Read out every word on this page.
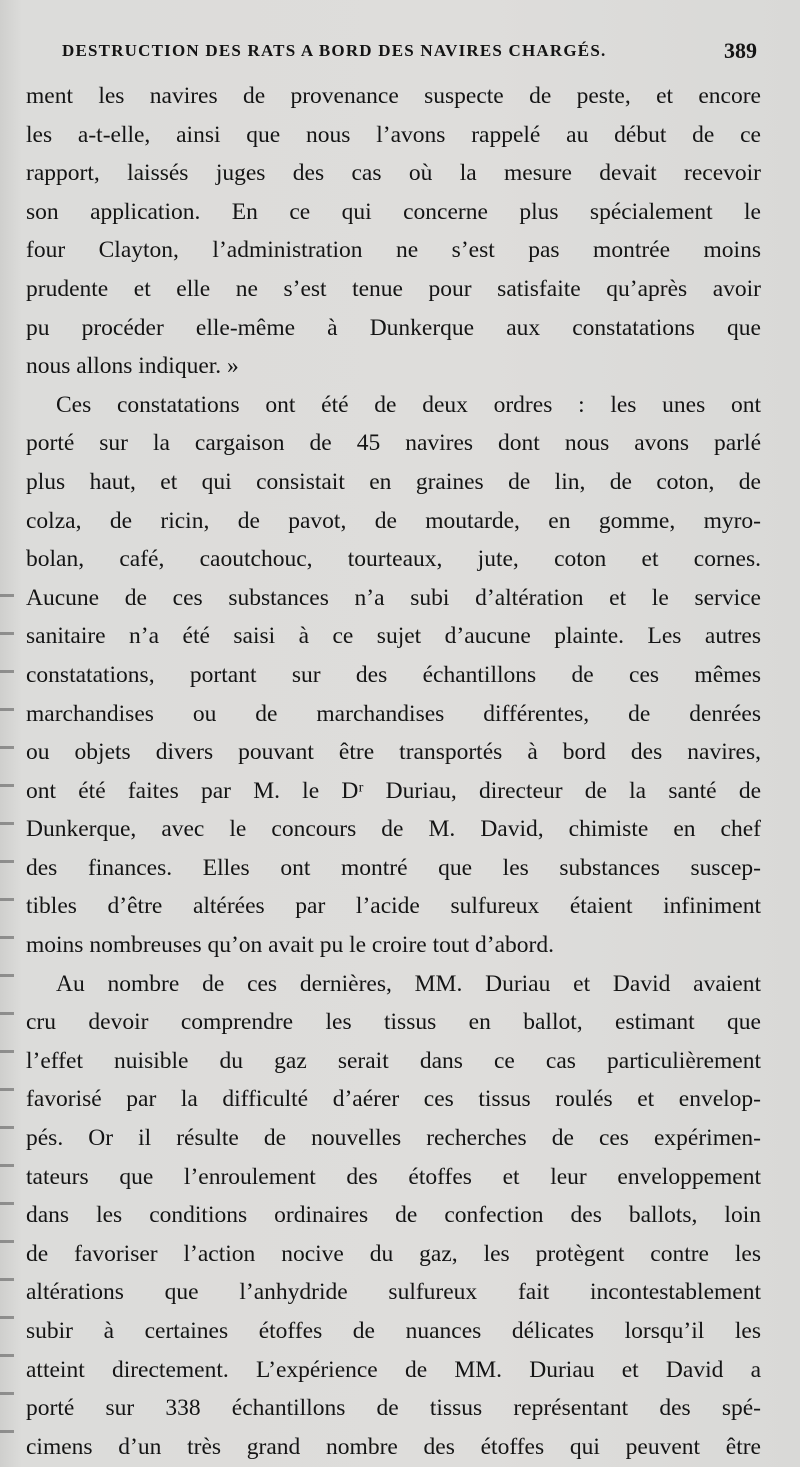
DESTRUCTION DES RATS A BORD DES NAVIRES CHARGÉS.	389
ment les navires de provenance suspecte de peste, et encore
les a-t-elle, ainsi que nous l’avons rappelé au début de ce
rapport, laissés juges des cas où la mesure devait recevoir
son application. En ce qui concerne plus spécialement le
four Clayton, l’administration ne s’est pas montrée moins
prudente et elle ne s’est tenue pour satisfaite qu’après avoir
pu procéder elle-même à Dunkerque aux constatations que
nous allons indiquer. »
Ces constatations ont été de deux ordres : les unes ont
porté sur la cargaison de 45 navires dont nous avons parlé
plus haut, et qui consistait en graines de lin, de coton, de
colza, de ricin, de pavot, de moutarde, en gomme, myro-
bolan, café, caoutchouc, tourteaux, jute, coton et cornes.
Aucune de ces substances n’a subi d’altération et le service
sanitaire n’a été saisi à ce sujet d’aucune plainte. Les autres
constatations, portant sur des échantillons de ces mêmes
marchandises ou de marchandises différentes, de denrées
ou objets divers pouvant être transportés à bord des navires,
ont été faites par M. le Dʳ Duriau, directeur de la santé de
Dunkerque, avec le concours de M. David, chimiste en chef
des finances. Elles ont montré que les substances suscep-
tibles d’être altérées par l’acide sulfureux étaient infiniment
moins nombreuses qu’on avait pu le croire tout d’abord.
Au nombre de ces dernières, MM. Duriau et David avaient
cru devoir comprendre les tissus en ballot, estimant que
l’effet nuisible du gaz serait dans ce cas particulièrement
favorisé par la difficulté d’aérer ces tissus roulés et envelop-
pés. Or il résulte de nouvelles recherches de ces expérimen-
tateurs que l’enroulement des étoffes et leur enveloppement
dans les conditions ordinaires de confection des ballots, loin
de favoriser l’action nocive du gaz, les protègent contre les
altérations que l’anhydride sulfureux fait incontestablement
subir à certaines étoffes de nuances délicates lorsqu’il les
atteint directement. L’expérience de MM. Duriau et David a
porté sur 338 échantillons de tissus représentant des spé-
cimens d’un très grand nombre des étoffes qui peuvent être
